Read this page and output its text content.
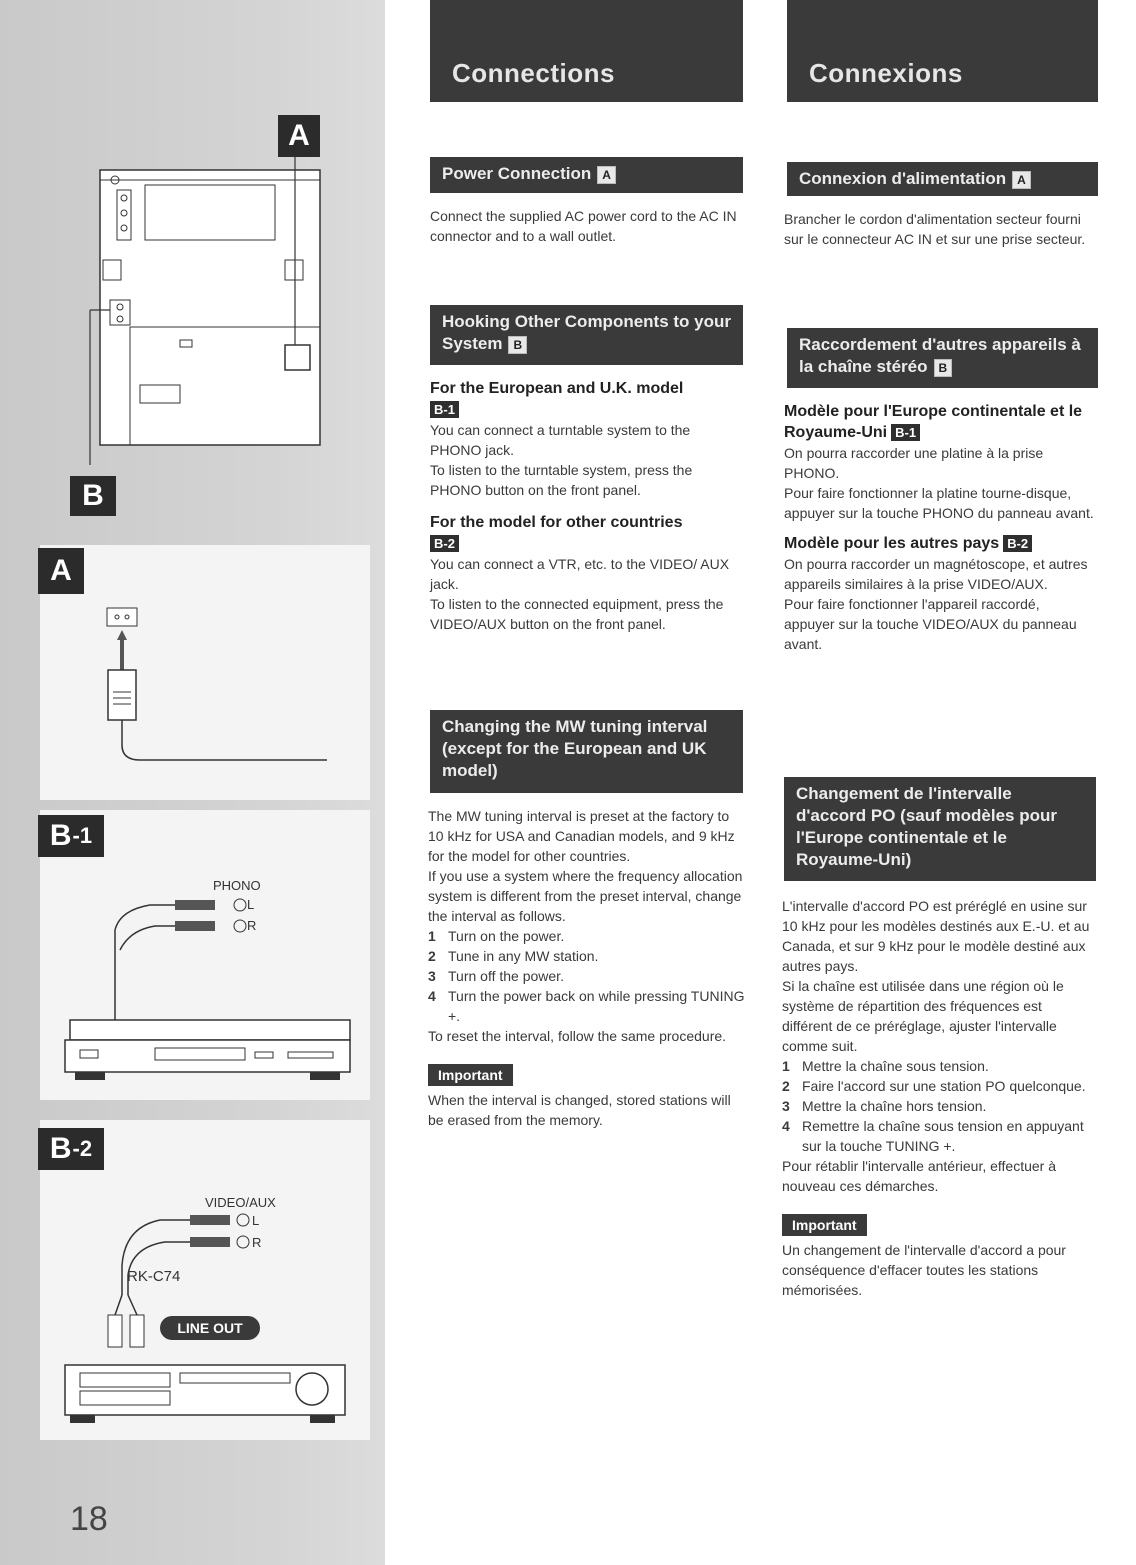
A
B
A
B -1
PHONO
L
R
B -2
VIDEO/AUX
L
R
RK-C74
LINE OUT
Connections
Power Connection A

Connect the supplied AC power cord to the AC IN connector and to a wall outlet.

Hooking Other Components to your System B

For the European and U.K. model
B-1

You can connect a turntable system to the PHONO jack.

To listen to the turntable system, press the PHONO button on the front panel.

For the model for other countries
B-2

You can connect a VTR, etc. to the VIDEO/ AUX jack.

To listen to the connected equipment, press the VIDEO/AUX button on the front panel.

Changing the MW tuning interval (except for the European and UK model)

The MW tuning interval is preset at the factory to 10 kHz for USA and Canadian models, and 9 kHz for the model for other countries.

If you use a system where the frequency allocation system is different from the preset interval, change the interval as follows.

1 Turn on the power.
2 Tune in any MW station.
3 Turn off the power.
4 Turn the power back on while pressing TUNING +.

To reset the interval, follow the same procedure.

Important

When the interval is changed, stored stations will be erased from the memory.

Connexions
Connexion d'alimentation A

Brancher le cordon d'alimentation secteur fourni sur le connecteur AC IN et sur une prise secteur.

Raccordement d'autres appareils à la chaîne stéréo B

Modèle pour l'Europe continentale et le Royaume-Uni B-1

On pourra raccorder une platine à la prise PHONO.

Pour faire fonctionner la platine tourne-disque, appuyer sur la touche PHONO du panneau avant.

Modèle pour les autres pays B-2

On pourra raccorder un magnétoscope, et autres appareils similaires à la prise VIDEO/AUX.

Pour faire fonctionner l'appareil raccordé, appuyer sur la touche VIDEO/AUX du panneau avant.

Changement de l'intervalle d'accord PO (sauf modèles pour l'Europe continentale et le Royaume-Uni)

L'intervalle d'accord PO est préréglé en usine sur 10 kHz pour les modèles destinés aux E.-U. et au Canada, et sur 9 kHz pour le modèle destiné aux autres pays.

Si la chaîne est utilisée dans une région où le système de répartition des fréquences est différent de ce préréglage, ajuster l'intervalle comme suit.

1 Mettre la chaîne sous tension.
2 Faire l'accord sur une station PO quelconque.
3 Mettre la chaîne hors tension.
4 Remettre la chaîne sous tension en appuyant sur la touche TUNING +.

Pour rétablir l'intervalle antérieur, effectuer à nouveau ces démarches.

Important

Un changement de l'intervalle d'accord a pour conséquence d'effacer toutes les stations mémorisées.

18
